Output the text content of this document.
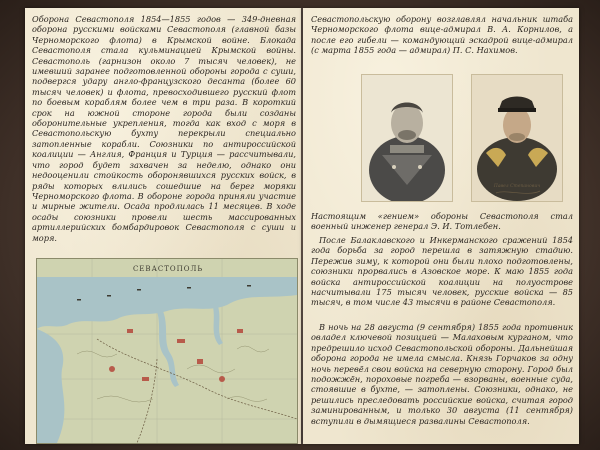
Оборона Севастополя 1854—1855 годов — 349-дневная оборона русскими войсками Севастополя (главной базы Черноморского флота) в Крымской войне. Блокада Севастополя стала кульминацией Крымской войны. Севастополь (гарнизон около 7 тысяч человек), не имевший заранее подготовленной обороны города с суши, подвергся удару англо-французского десанта (более 60 тысяч человек) и флота, превосходившего русский флот по боевым кораблям более чем в три раза. В короткий срок на южной стороне города были созданы оборонительные укрепления, тогда как вход с моря в Севастопольскую бухту перекрыли специально затопленные корабли. Союзники по антироссийской коалиции — Англия, Франция и Турция — рассчитывали, что город будет захвачен за неделю, однако они недооценили стойкость оборонявшихся русских войск, в ряды которых влились сошедшие на берег моряки Черноморского флота. В обороне города приняли участие и мирные жители. Осада продлилась 11 месяцев. В ходе осады союзники провели шесть массированных артиллерийских бомбардировок Севастополя с суши и моря.

СЕВАСТОПОЛЬ

Севастопольскую оборону возглавлял начальник штаба Черноморского флота вице-адмирал В. А. Корнилов, а после его гибели — командующий эскадрой вице-адмирал (с марта 1855 года — адмирал) П. С. Нахимов.

Павел Степанович

Настоящим «гением» обороны Севастополя стал военный инженер генерал Э. И. Тотлебен.

После Балаклавского и Инкерманского сражений 1854 года борьба за город перешла в затяжную стадию. Пережив зиму, к которой они были плохо подготовлены, союзники прорвались в Азовское море. К маю 1855 года войска антироссийской коалиции на полуострове насчитывали 175 тысяч человек, русские войска — 85 тысяч, в том числе 43 тысячи в районе Севастополя.

В ночь на 28 августа (9 сентября) 1855 года противник овладел ключевой позицией — Малаховым курганом, что предрешило исход Севастопольской обороны. Дальнейшая оборона города не имела смысла. Князь Горчаков за одну ночь перевёл свои войска на северную сторону. Город был подожжён, пороховые погреба — взорваны, военные суда, стоявшие в бухте, — затоплены. Союзники, однако, не решились преследовать российские войска, считая город заминированным, и только 30 августа (11 сентября) вступили в дымящиеся развалины Севастополя.
